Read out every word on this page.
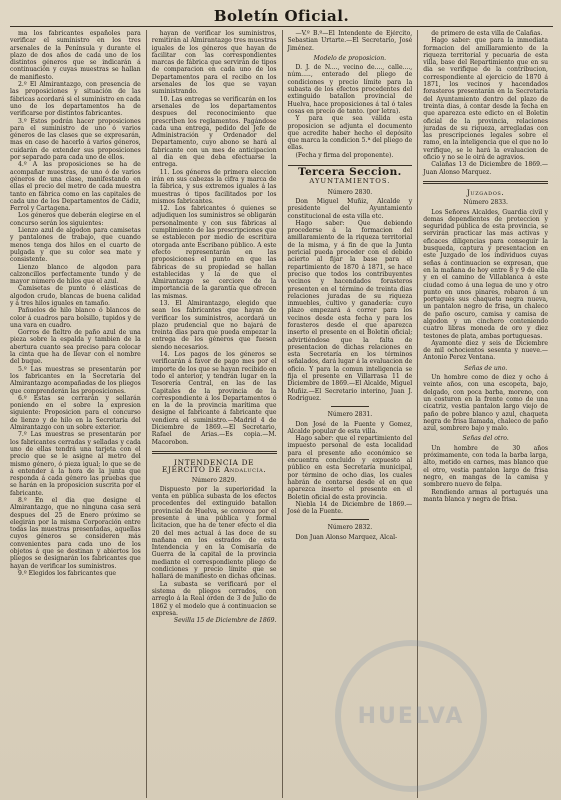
Boletín Oficial.

ma los fabricantes españoles para verificar el suministro en los tres arsenales de la Península y durante el plazo de dos años de cada uno de los distintos géneros que se indicarán á continuación y cuyas muestras se hallan de manifiesto.

2.º El Almirantazgo, con presencia de las proposiciones y situación de las fábricas acordará si el suministro en cada uno de los departamentos ha de verificarse por distintos fabricantes.

3.º Estos podrán hacer proposiciones para el suministro de uno ó varios géneros de las clases que se expresarán, mas en caso de hacerlo á varios géneros, cuidarán de extender sus proposiciones por separado para cada uno de ellos.

4.º A las proposiciones se ha de acompañar muestras, de uno ó de varios géneros de una clase, manifestando en ellas el precio del metro de cada muestra tanto en fábrica como en las capitales de cada uno de los Departamentos de Cádiz, Ferrol y Cartagena.

Los géneros que deberán elegirse en el concurso serán los siguientes:

Lienzo azul de algodon para camisetas y pantalones de trabajo, que cuando menos tenga dos hilos en el cuarto de pulgada y que su color sea mate y consistente.

Lienzo blanco de algodon para calzoncillos perfectamente tundo y de mayor número de hilos que el azul.

Camisetas de punto ó elásticas de algodon crudo, blancas de buena calidad y á tres hilos iguales en tamaño.

Pañuelos de hilo blanco ó blancos de color á cuadros para bolsillo, tupidos y de una vara en cuadro.

Gorros de fieltro de paño azul de una pieza sobre la espalda y tambien de la abertura cuanto sea preciso para colocar la cinta que ha de llevar con el nombre del buque.

5.º Las muestras se presentarán por los fabricantes en la Secretaría del Almirantazgo acompañadas de los pliegos que comprenderán las proposiciones.

6.º Estas se cerrarán y sellarán poniendo en el sobre la expresion siguiente: Proposicion para el concurso de lienzo y de hilo en la Secretaría del Almirantazgo con un sobre exterior.

7.º Las muestras se presentarán por los fabricantes cerradas y selladas y cada uno de ellas tendrá una tarjeta con el precio que se le asigne al metro del mismo género, ó pieza igual; lo que se de á entender á la hora de la junta que responda á cada género las pruebas que se harán en la proposicion suscrita por el fabricante.

8.º En el dia que designe el Almirantazgo, que no ninguna casa será despues del 25 de Enero próximo se elegirán por la misma Corporación entre todas las muestras presentadas, aquellas cuyos géneros se consideren más convenientes para cada uno de los objetos á que se destinan y abiertos los pliegos se designarán los fabricantes que hayan de verificar los suministros.

9.º Elegidos los fabricantes que

hayan de verificar los suministros, remitirán al Almirantazgo tres muestras iguales de los géneros que hayan de facilitar con las correspondientes marcas de fábrica que servirán de tipos de comparacion en cada uno de los Departamentos para el recibo en los arsenales de los que se vayan suministrando.

10. Las entregas se verificarán en los arsenales de los departamentos despues del reconocimiento que prescriben los reglamentos. Pagándose cada una entrega, pedido del Jefe de Administración y Ordenador del Departamento, cuyo abono se hará al fabricante con un mes de anticipacion al dia en que deba efectuarse la entrega.

11. Los géneros de primera eleccion irán en sus cabezas la cifra y marca de la fábrica, y sus extremos iguales á las muestras ó tipos facilitados por los mismos fabricantes.

12. Los fabricantes ó quienes se adjudiquen los suministros se obligarán personalmente y con sus fábricas al cumplimiento de las prescripciones que se establecen por medio de escritura otorgada ante Escribano público. A este efecto representarán en las proposiciones el punto en que las fábricas de su propiedad se hallan establecidas y la de que el Almirantazgo se cerciore de la importancia de la garantía que ofrecen las mismas.

13. El Almirantazgo, elegido que sean los fabricantes que hayan de verificar los suministros, acordará un plazo prudencial que no bajará de treinta dias para que pueda empezar la entrega de los géneros que fuesen siendo necesarios.

14. Los pagos de los géneros se verificarán á favor de pago mes por el importe de los que se hayan recibido en todo el anterior, y tendrán lugar en la Tesorería Central, en las de las Capitales de la provincia de la correspondiente á los Departamentos ó en la de la provincia marítima que designe el fabricante á fabricante que vendiera el suministro.—Madrid 4 de Diciembre de 1869.—El Secretario, Rafael de Arias.—Es copia.—M. Macorobon.

INTENDENCIA DE EJÉRCITO DE Andalucía.

Número 2829.

Dispuesto por la superioridad la venta en pública subasta de los efectos procedentes del extinguido batallon provincial de Huelva, se convoca por el presente á una pública y formal licitacion, que ha de tener efecto el dia 20 del mes actual á las doce de su mañana en los estrados de esta Intendencia y en la Comisaría de Guerra de la capital de la provincia mediante el correspondiente pliego de condiciones y precio límite que se hallará de manifiesto en dichas oficinas.

La subasta se verificará por el sistema de pliegos cerrados, con arreglo á la Real órden de 3 de Julio de 1862 y el modelo que á continuacion se expresa.

Sevilla 15 de Diciembre de 1869.

—V.º B.º—El Intendente de Ejército, Sebastian Urtarte.—El Secretario, José Jiménez.

Modelo de proposicion.

D. J. de N...., vecino de...., calle...., núm....., enterado del pliego de condiciones y precio límite para la subasta de los efectos procedentes del extinguido batallon provincial de Huelva, hace proposiciones á tal ó tales cosas en precio de tanto. (por letra).

Y para que sea válida esta proposicion se adjunta el documento que acredite haber hecho el depósito que marca la condicion 5.ª del pliego de ellas.

(Fecha y firma del proponente).

Tercera Seccion.
AYUNTAMIENTOS.

Número 2830.

Don Miguel Muñiz, Alcalde y presidente del Ayuntamiento constitucional de esta villa etc.

Hago saber: Que debiendo procederse á la formacion del amillaramiento de la riqueza territorial de la misma, y á fin de que la Junta pericial pueda proceder con el debido acierto al fijar la base para el repartimiento de 1870 á 1871, se hace preciso que todos los contribuyentes vecinos y hacendados forasteros presenten en el término de treinta dias relaciones juradas de su riqueza inmuebles, cultivo y ganadería: cuyo plazo empezará á correr para los vecinos desde esta fecha y para los forasteros desde el que aparezca inserto el presente en el Boletin oficial; advirtiéndose que la falta de presentacion de dichas relaciones en esta Secretaría en los términos señalados, dará lugar á la evaluacion de oficio. Y para la comun inteligencia se fija el presente en Villarrasa 11 de Diciembre de 1869.—El Alcalde, Miguel Muñiz.—El Secretario interino, Juan J. Rodriguez.

Número 2831.

Don José de la Fuente y Gomez, Alcalde popular de esta villa.

Hago saber: que el repartimiento del impuesto personal de esta localidad para el presente año económico se encuentra concluido y expuesto al público en esta Secretaría municipal, por término de ocho dias, los cuales habrán de contarse desde el en que aparezca inserto el presente en el Boletin oficial de esta provincia.

Niebla 14 de Diciembre de 1869.—José de la Fuente.

Número 2832.

Don Juan Alonso Marquez, Alcal-

de primero de esta villa de Calañas.

Hago saber: que para la inmediata formacion del amillaramiento de la riqueza territorial y pecuaria de esta villa, base del Repartimiento que en su dia se verifique de la contribucion, correspondiente al ejercicio de 1870 á 1871, los vecinos y hacendados forasteros presentarán en la Secretaría del Ayuntamiento dentro del plazo de treinta dias, á contar desde la fecha en que aparezca este edicto en el Boletin oficial de la provincia, relaciones juradas de su riqueza, arregladas con las prescripciones legales sobre el ramo, en la inteligencia que el que no lo verifique, se le hará la evaluacion de oficio y no se le oirá de agravios.

Calañas 13 de Diciembre de 1869.—Juan Alonso Marquez.

Juzgados.

Número 2833.

Los Señores Alcaldes, Guardia civil y demas dependientes de proteccion y seguridad pública de esta provincia, se servirán practicar las mas activas y eficaces diligencias para conseguir la busqueda, captura y presentacion en este Juzgado de los individuos cuyas señas á continuacion se expresan, que en la mañana de hoy entre 8 y 9 de ella y en el camino de Villablanca á este ciudad como á una legua de uno y otro punto en unos pinares, robaron á un portugués sus chaqueta negra nueva, un pantalon negro de frisa, un chaleco de paño oscuro, camisa y camisa de algodon y un cinchero conteniendo cuatro libras moneda de oro y diez testones de plata, ambas portuguesas.

Ayamonte diez y seis de Diciembre de mil ochocientos sesenta y nueve.—Antonio Perez Ventana.

Señas de uno.

Un hombre como de diez y ocho á veinte años, con una escopeta, bajo, delgado, con poca barba, moreno, con un costuron en la frente como de una cicatriz, vestia pantalon largo viejo de paño de pobre blanco y azul, chaqueta negra de frisa llamada, chaleco de paño azul, sombrero bajo y malo.

Señas del otro.

Un hombre de 30 años próximamente, con toda la barba larga, alto, metido en carnes, mas blanco que el otro, vestia pantalon largo de frisa negro, en mangas de la camisa y sombrero nuevo de felpa.

Rendiendo armas al portugués una manta blanca y negra de frisa.

HUELVA
